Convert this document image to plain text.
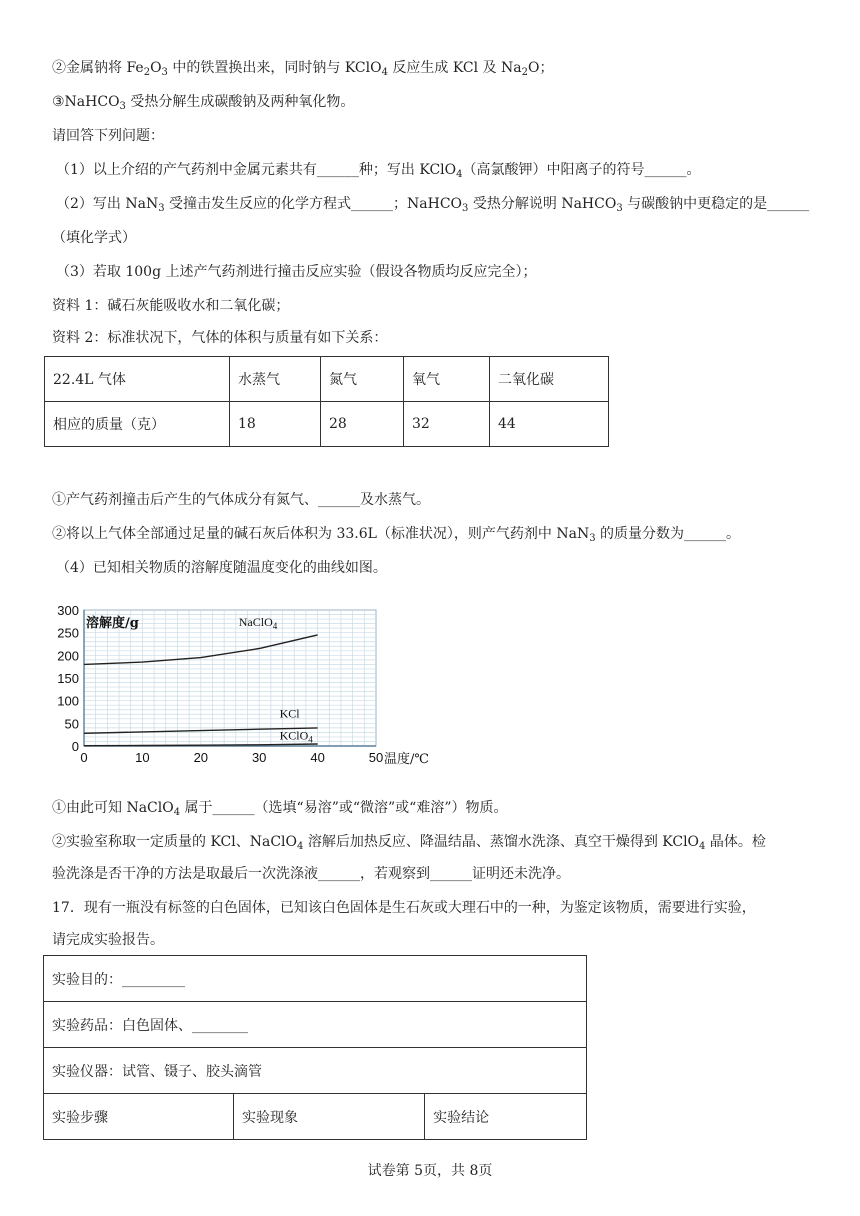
②金属钠将 $Fe_2O_3$ 中的铁置换出来，同时钠与 KClO$_4$ 反应生成 KCl 及 $Na_2O$；
③NaHCO$_3$ 受热分解生成碳酸钠及两种氧化物。
请回答下列问题：
（1）以上介绍的产气药剂中金属元素共有______种；写出 KClO$_4$（高氯酸钾）中阳离子的符号______。
（2）写出 NaN$_3$ 受撞击发生反应的化学方程式______；NaHCO$_3$ 受热分解说明 NaHCO$_3$ 与碳酸钠中更稳定的是______
（填化学式）
（3）若取 100g 上述产气药剂进行撞击反应实验（假设各物质均反应完全）；
资料 1：碱石灰能吸收水和二氧化碳；
资料 2：标准状况下，气体的体积与质量有如下关系：
22.4L 气体	水蒸气	氮气	氧气	二氧化碳
相应的质量（克）	18	28	32	44
①产气药剂撞击后产生的气体成分有氮气、______及水蒸气。
②将以上气体全部通过足量的碱石灰后体积为 33.6L（标准状况），则产气药剂中 NaN$_3$ 的质量分数为______。
（4）已知相关物质的溶解度随温度变化的曲线如图。
0
50
100
150
200
250
300
0	10	20	30	40	50
NaClO$_4$
KCl
KClO$_4$
溶解度/g
温度/℃
①由此可知 NaClO$_4$ 属于______（选填“易溶”或“微溶”或“难溶”）物质。
②实验室称取一定质量的 KCl、NaClO$_4$ 溶解后加热反应、降温结晶、蒸馏水洗涤、真空干燥得到 KClO$_4$ 晶体。检
验洗涤是否干净的方法是取最后一次洗涤液______，若观察到______证明还未洗净。
17．现有一瓶没有标签的白色固体，已知该白色固体是生石灰或大理石中的一种，为鉴定该物质，需要进行实验，
请完成实验报告。
实验目的：_________
实验药品：白色固体、________
实验仪器：试管、镊子、胶头滴管
实验步骤	实验现象	实验结论
试卷第 5页，共 8页
